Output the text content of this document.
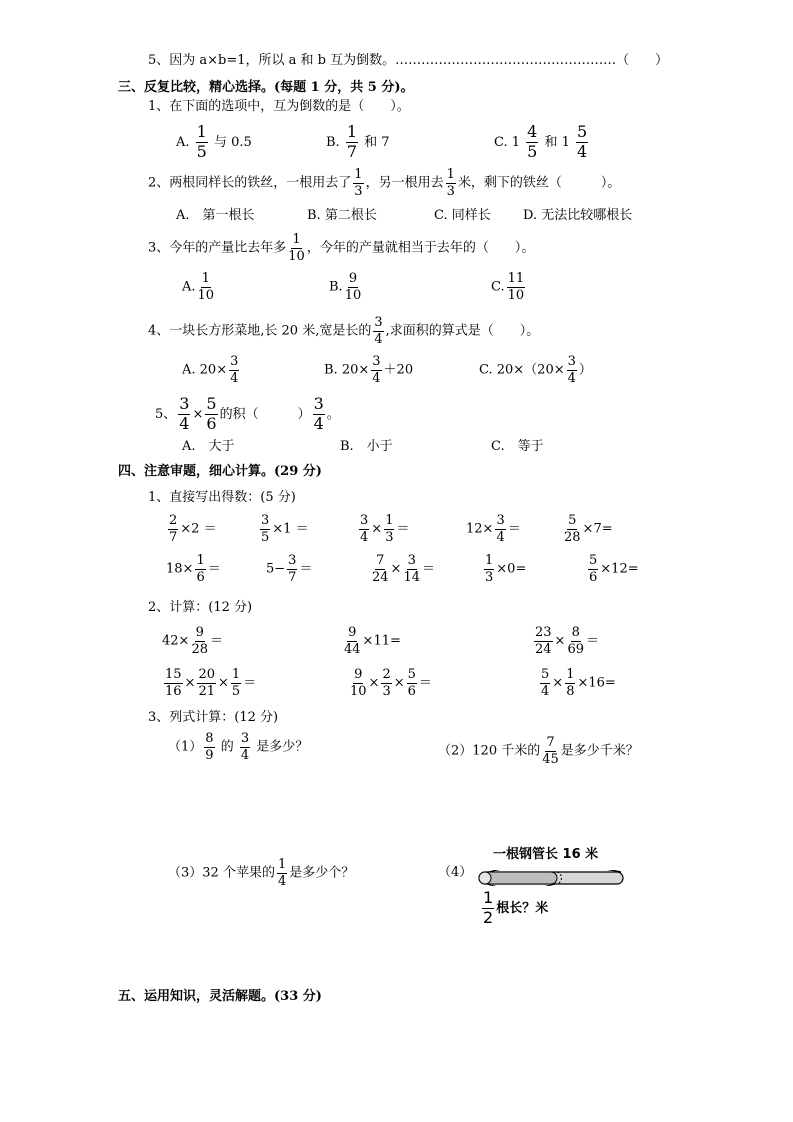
5、因为 a×b=1，所以 a 和 b 互为倒数。……………………………………………（　　）
三、反复比较，精心选择。(每题 1 分，共 5 分)。
1、在下面的选项中，互为倒数的是（　　）。
A. $\frac{1}{5}$ 与 0.5	B. $\frac{1}{7}$ 和 7	C. $1 \frac{4}{5}$ 和 $1 \frac{5}{4}$
2、两根同样长的铁丝，一根用去了 $\frac{1}{3}$ ，另一根用去 $\frac{1}{3}$ 米，剩下的铁丝（　　　）。
A.　第一根长	B. 第二根长	C. 同样长 D. 无法比较哪根长
3、今年的产量比去年多 $\frac{1}{10}$ ，今年的产量就相当于去年的（　　）。
A. $\frac{1}{10}$	B. $\frac{9}{10}$	C. $\frac{11}{10}$
4、一块长方形菜地,长 20 米,宽是长的 $\frac{3}{4}$ ,求面积的算式是（　　）。
A. $20\times \frac{3}{4}$	B. $20\times \frac{3}{4} +20$	C. $20\times(20\times \frac{3}{4}$ ）
5、 $\frac{3}{4} \times \frac{5}{6}$ 的积（　　　） $\frac{3}{4}$ 。
A.　大于	B.　小于	C.　等于
四、注意审题，细心计算。(29 分)
1、直接写出得数：(5 分)
$\frac{2}{7} \times 2$ ＝	$\frac{3}{5} \times 1$ ＝	$\frac{3}{4} \times \frac{1}{3}$ ＝	$12\times \frac{3}{4}$ ＝	$\frac{5}{28} \times 7=$
$18\times \frac{1}{6}$ ＝	$5- \frac{3}{7}$ ＝	$\frac{7}{24} \times \frac{3}{14}$ ＝	$\frac{1}{3} \times 0=$	$\frac{5}{6} \times 12=$
2、计算：(12 分)
$42\times \frac{9}{28}$ ＝	$\frac{9}{44} \times 11=$	$\frac{23}{24} \times \frac{8}{69}$ ＝
$\frac{15}{16} \times \frac{20}{21} \times \frac{1}{5}$ ＝	$\frac{9}{10} \times \frac{2}{3} \times \frac{5}{6}$ ＝	$\frac{5}{4} \times \frac{1}{8} \times 16=$
3、列式计算：(12 分)
$(1) \frac{8}{9}$ 的 $\frac{3}{4}$ 是多少？	（2）120 千米的 $\frac{7}{45}$ 是多少千米？
（3）32 个苹果的 $\frac{1}{4}$ 是多少个？	（4）
一根钢管长 16 米
$\frac{1}{2}$ 根长？米
五、运用知识，灵活解题。(33 分)
